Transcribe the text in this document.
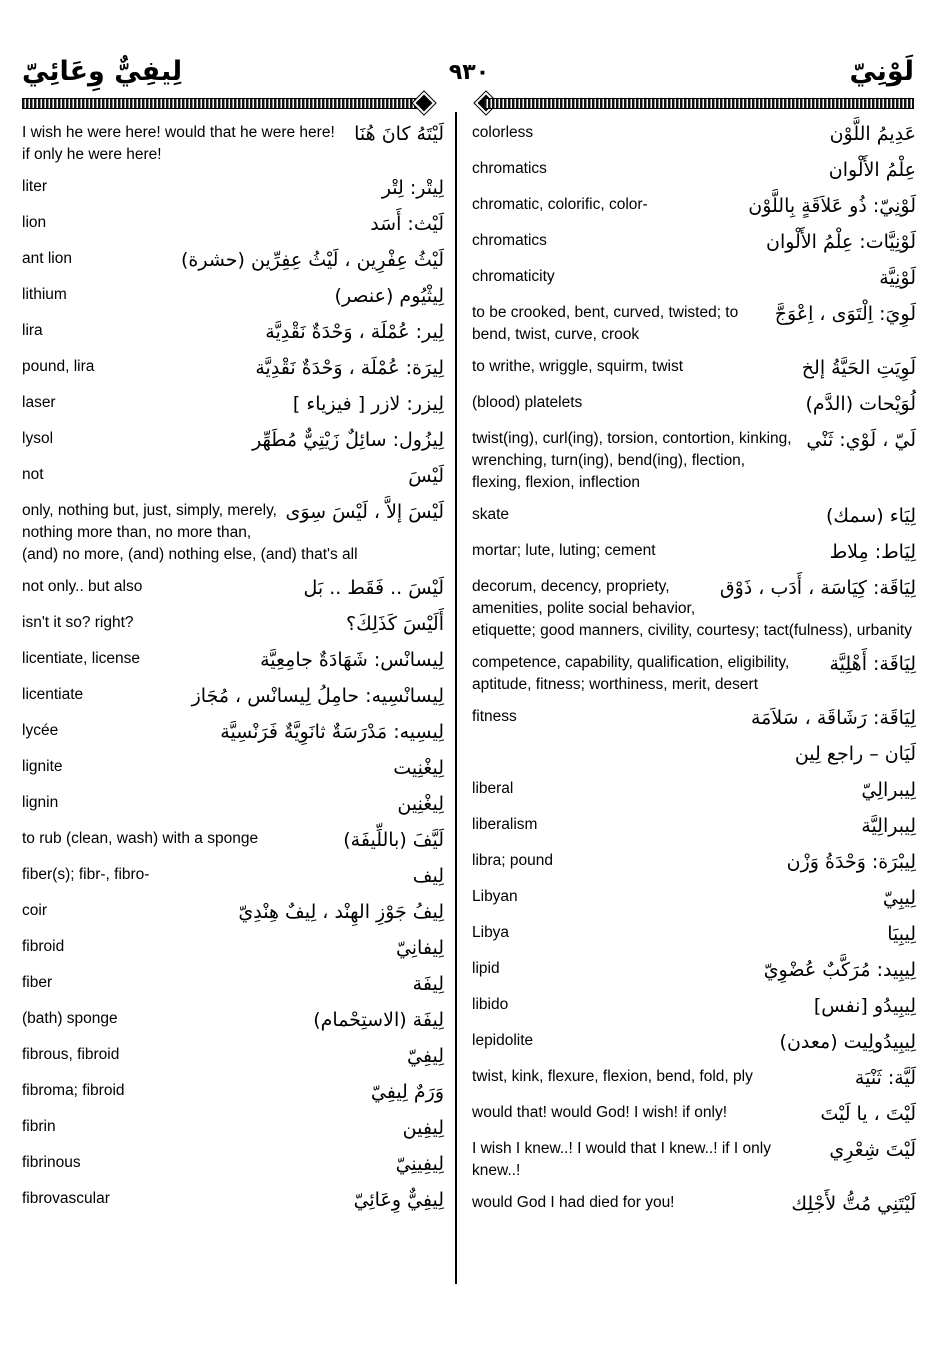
لِيفِيٌّ وِعَائِيّ	٩٣٠	لَوْنِيّ
لَيْتَهُ كانَ هُنَا
I wish he were here! would that he were here! if only he were here!
لِيتْر: لِتْر
liter
لَيْث: أَسَد
lion
لَيْثُ عِفْرِين ، لَيْثُ عِفِرِّين (حشرة)
ant lion
لِيثْيُوم (عنصر)
lithium
لِير: عُمْلَة ، وَحْدَةٌ نَقْدِيَّة
lira
لِيرَة: عُمْلَة ، وَحْدَةٌ نَقْدِيَّة
pound, lira
لِيزر: لازر [ فيزياء ]
laser
لِيزُول: سائِلٌ زَيْتِيٌّ مُطَهِّر
lysol
لَيْسَ
not
لَيْسَ إلاَّ ، لَيْسَ سِوَى
only, nothing but, just, simply, merely, nothing more than, no more than, (and) no more, (and) nothing else, (and) that's all
لَيْسَ .. فَقَط .. بَل
not only.. but also
أَلَيْسَ كَذَلِكَ؟
isn't it so? right?
لِيسانْس: شَهَادَةٌ جامِعِيَّة
licentiate, license
لِيسانْسِيه: حامِلُ لِيسانْس ، مُجَاز
licentiate
لِيسِيه: مَدْرَسَةٌ ثانَوِيَّةٌ فَرَنْسِيَّة
lycée
لِيغْنِيت
lignite
لِيغْنِين
lignin
لَيَّفَ (باللِّيفَة)
to rub (clean, wash) with a sponge
لِيف
fiber(s); fibr-, fibro-
لِيفُ جَوْزِ الهِنْد ، لِيفٌ هِنْدِيّ
coir
لِيفانِيّ
fibroid
لِيفَة
fiber
لِيفَة (الاستِحْمام)
(bath) sponge
لِيفِيّ
fibrous, fibroid
وَرَمٌ لِيفِيّ
fibroma; fibroid
لِيفِين
fibrin
لِيفِينِيّ
fibrinous
لِيفِيٌّ وِعَائِيّ
fibrovascular
عَدِيمُ اللَّوْن
colorless
عِلْمُ الأَلْوان
chromatics
لَوْنِيّ: ذُو عَلاَقَةٍ بِاللَّوْن
chromatic, colorific, color-
لَوْنِيَّات: عِلْمُ الأَلْوان
chromatics
لَوْنِيَّة
chromaticity
لَوِيَ: اِلْتَوَى ، اِعْوَجَّ
to be crooked, bent, curved, twisted; to bend, twist, curve, crook
لَوِيَتِ الحَيَّةُ إلخ
to writhe, wriggle, squirm, twist
لُوَيْحات (الدَّم)
(blood) platelets
لَيّ ، لَوْي: ثَنْي
twist(ing), curl(ing), torsion, contortion, kinking, wrenching, turn(ing), bend(ing), flection, flexing, flexion, inflection
لِيَاء (سمك)
skate
لِيَاط: مِلاط
mortar; lute, luting; cement
لِيَاقَة: كِيَاسَة ، أَدَب ، ذَوْق
decorum, decency, propriety, amenities, polite social behavior, etiquette; good manners, civility, courtesy; tact(fulness), urbanity
لِيَاقَة: أَهْلِيَّة
competence, capability, qualification, eligibility, aptitude, fitness; worthiness, merit, desert
لِيَاقَة: رَشَاقَة ، سَلاَمَة
fitness
لَيَان – راجع لِين
لِيبرالِيّ
liberal
لِيبرالِيَّة
liberalism
لِيبْرَة: وَحْدَةُ وَزْن
libra; pound
لِيبِيّ
Libyan
لِيبِيَا
Libya
لِيبِيد: مُرَكَّبٌ عُضْوِيّ
lipid
لِيبِيدُو [نفس]
libido
لِيبِيدُولِيت (معدن)
lepidolite
لَيَّة: ثَنْيَة
twist, kink, flexure, flexion, bend, fold, ply
لَيْتَ ، يا لَيْتَ
would that! would God! I wish! if only!
لَيْتَ شِعْرِي
I wish I knew..! I would that I knew..! if I only knew..!
لَيْتَنِي مُتُّ لأَجْلِك
would God I had died for you!
